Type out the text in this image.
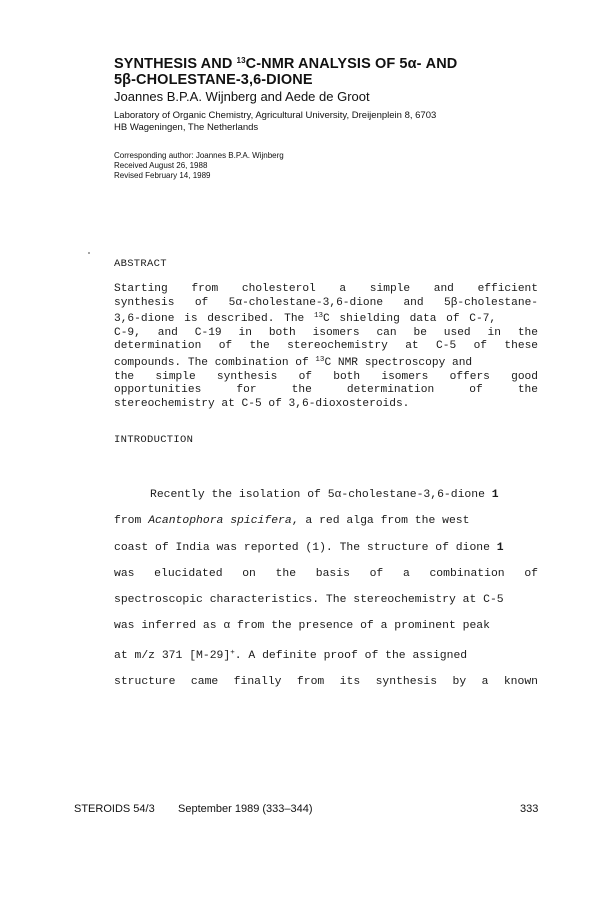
SYNTHESIS AND $^{13}$C-NMR ANALYSIS OF 5α- AND
5β-CHOLESTANE-3,6-DIONE
Joannes B.P.A. Wijnberg and Aede de Groot
Laboratory of Organic Chemistry, Agricultural University, Dreijenplein 8, 6703
HB Wageningen, The Netherlands
Corresponding author: Joannes B.P.A. Wijnberg
Received August 26, 1988
Revised February 14, 1989
ABSTRACT
Starting from cholesterol a simple and efficient
synthesis of 5α-cholestane-3,6-dione and 5β-cholestane-
3,6-dione is described. The $^{13}$C shielding data of C-7,
C-9, and C-19 in both isomers can be used in the
determination of the stereochemistry at C-5 of these
compounds. The combination of $^{13}$C NMR spectroscopy and
the simple synthesis of both isomers offers good
opportunities for the determination of the
stereochemistry at C-5 of 3,6-dioxosteroids.
INTRODUCTION
Recently the isolation of 5α-cholestane-3,6-dione 1
from Acantophora spicifera, a red alga from the west
coast of India was reported (1). The structure of dione 1
was elucidated on the basis of a combination of
spectroscopic characteristics. The stereochemistry at C-5
was inferred as α from the presence of a prominent peak
at m/z 371 [M-29]+. A definite proof of the assigned
structure came finally from its synthesis by a known
STEROIDS 54/3 September 1989 (333–344)	333
